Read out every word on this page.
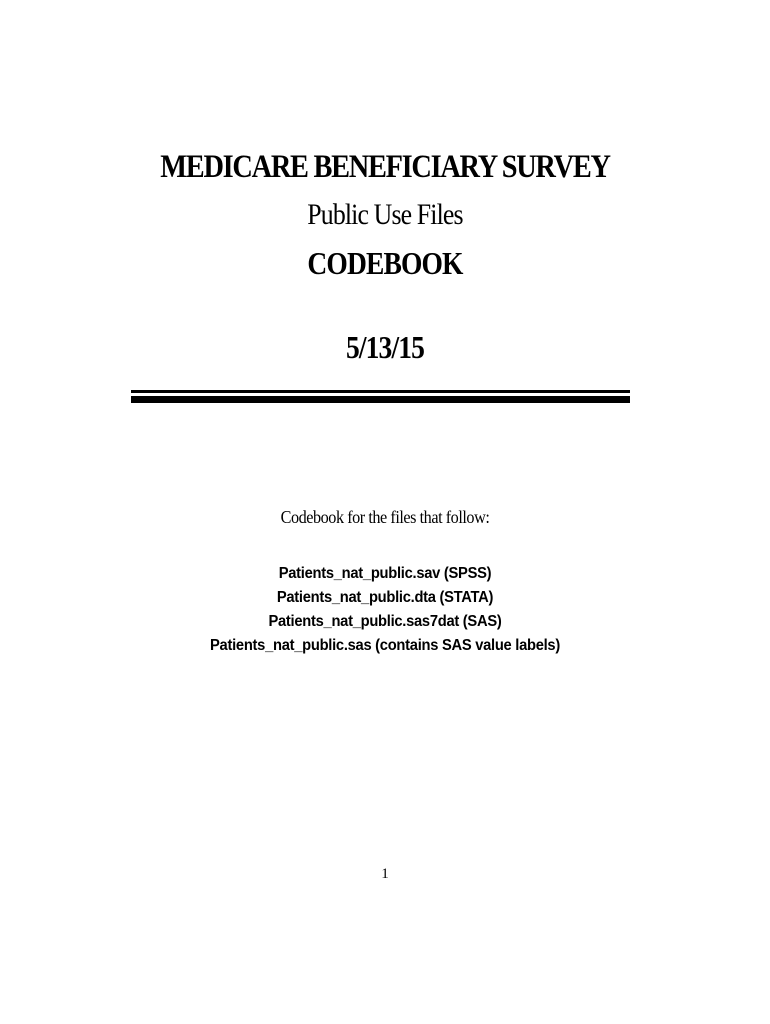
MEDICARE BENEFICIARY SURVEY
Public Use Files
CODEBOOK
5/13/15
Codebook for the files that follow:
Patients_nat_public.sav (SPSS)
Patients_nat_public.dta (STATA)
Patients_nat_public.sas7dat (SAS)
Patients_nat_public.sas (contains SAS value labels)
1
